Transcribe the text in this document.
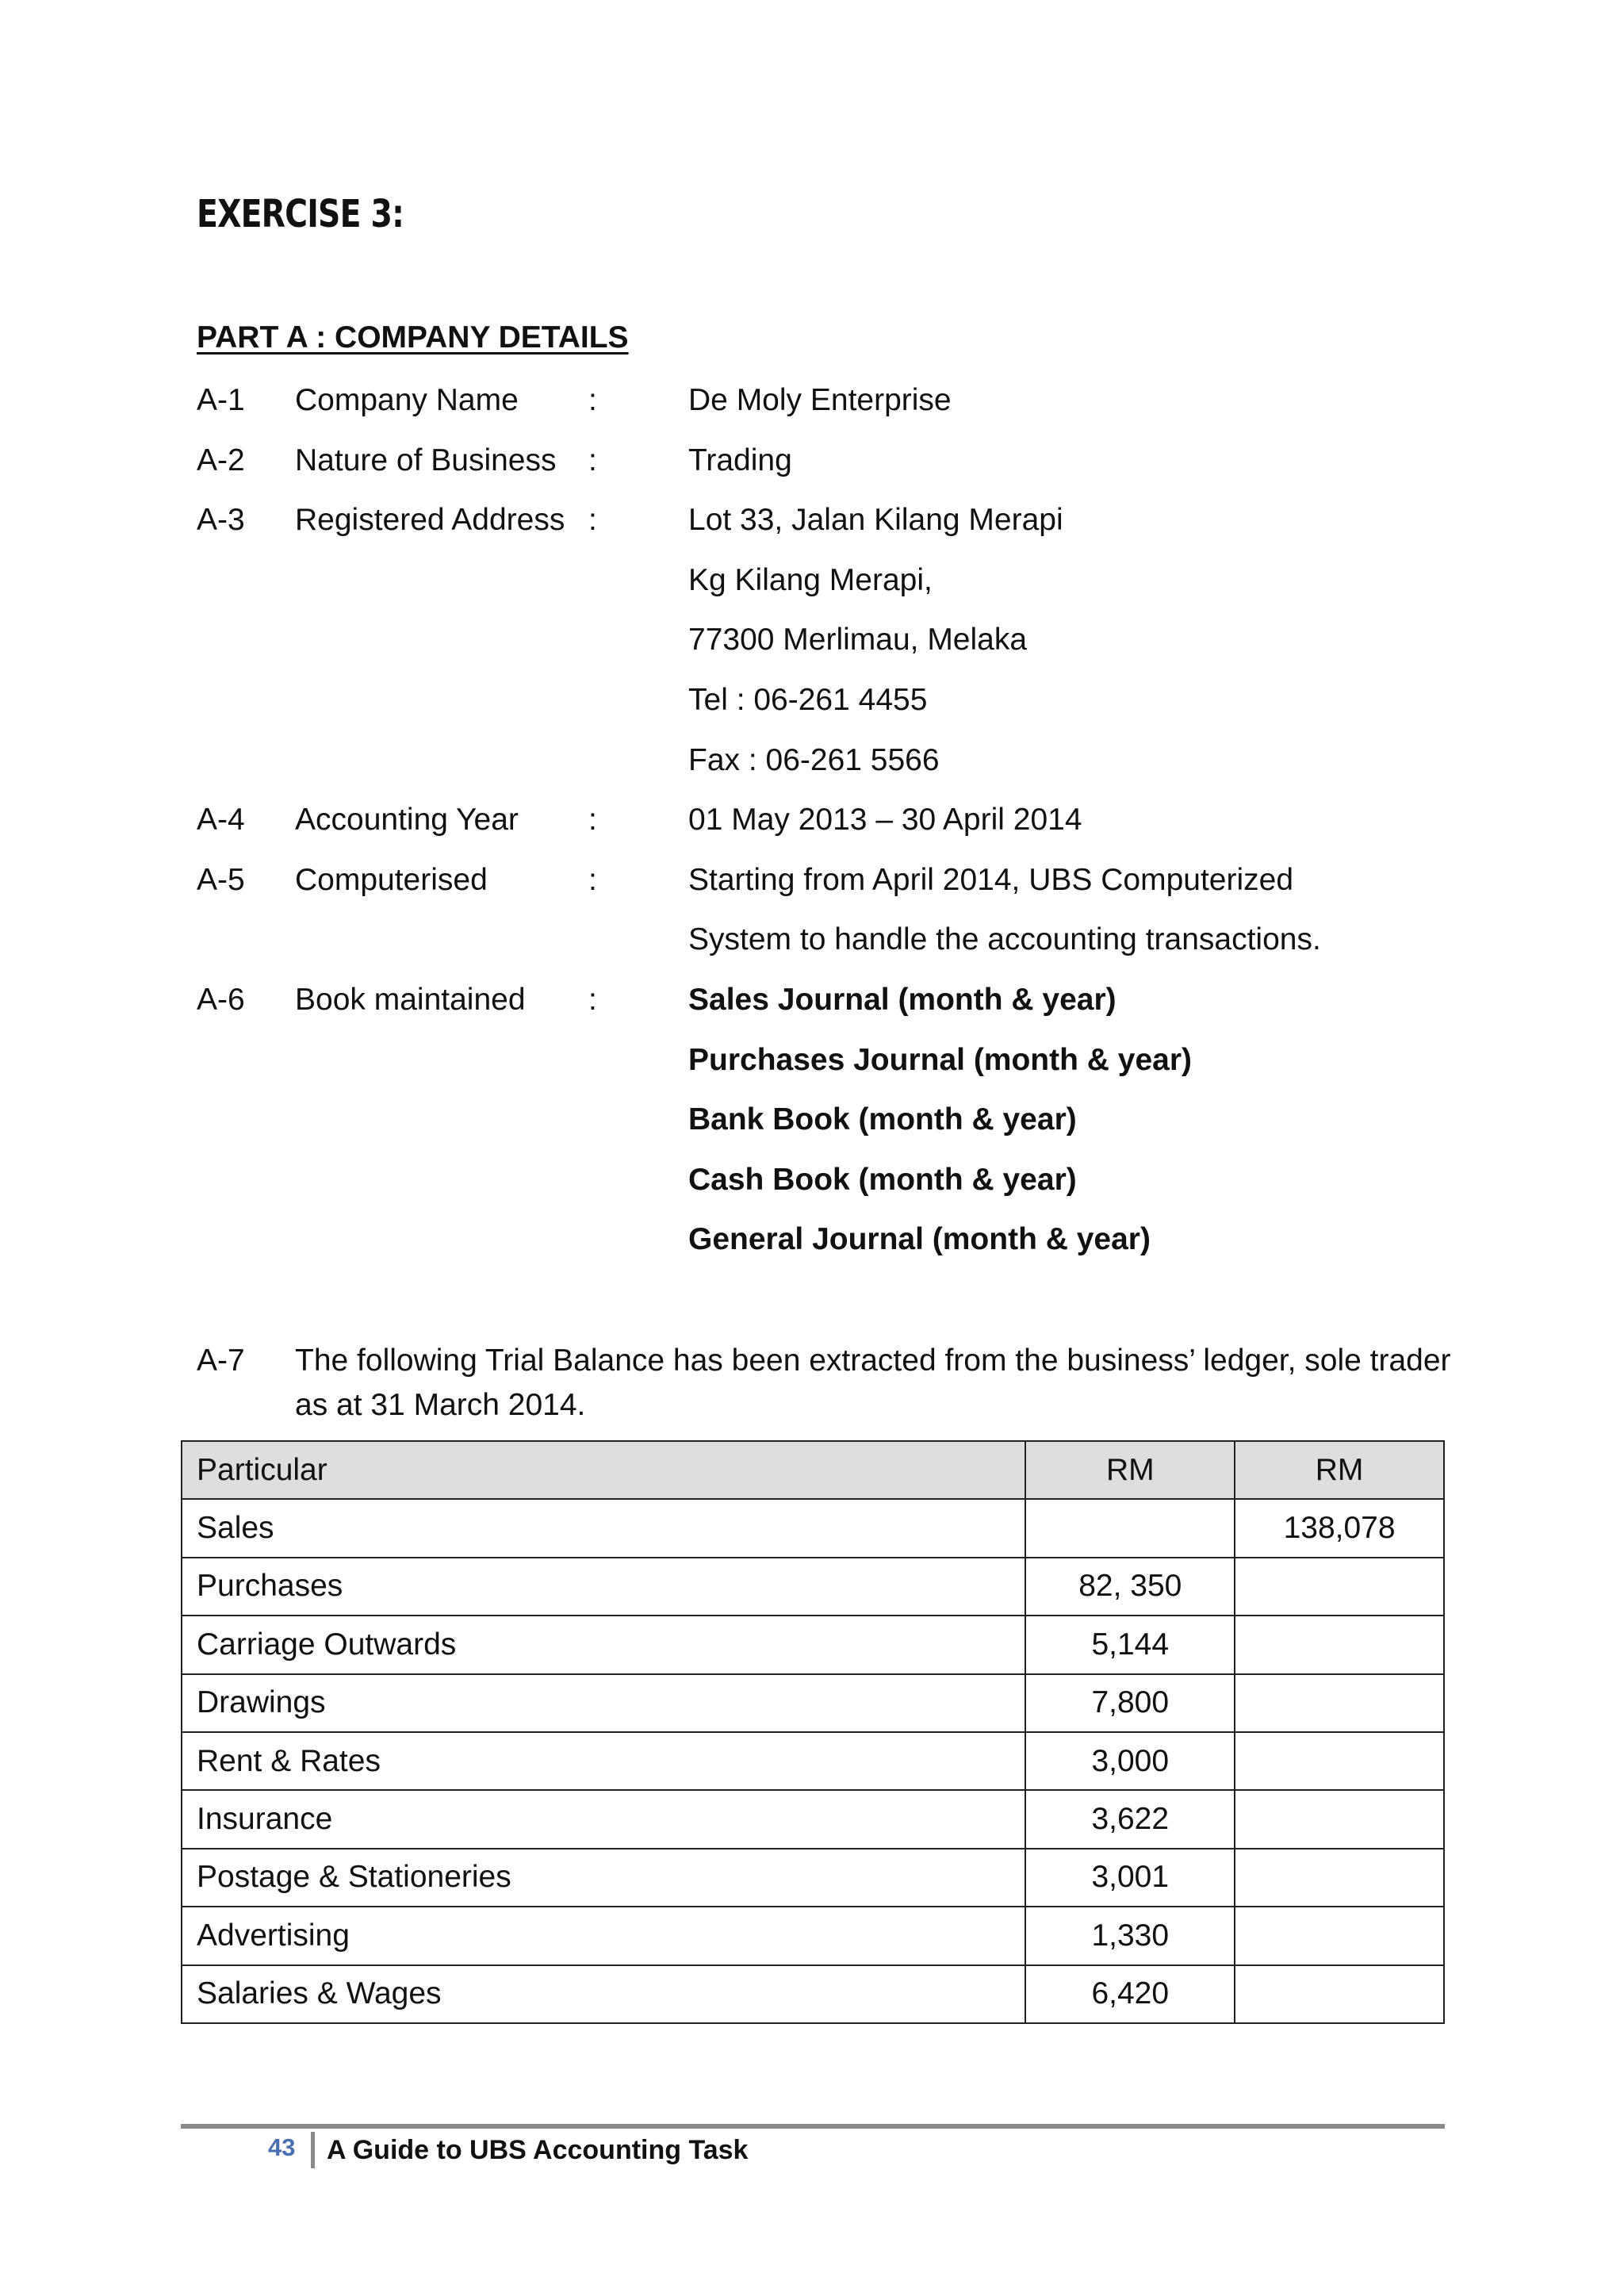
EXERCISE 3:
PART A : COMPANY DETAILS
A-1 Company Name :	De Moly Enterprise
A-2 Nature of Business :	Trading
A-3 Registered Address :	Lot 33, Jalan Kilang Merapi
Kg Kilang Merapi,
77300 Merlimau, Melaka
Tel : 06-261 4455
Fax : 06-261 5566
A-4 Accounting Year :	01 May 2013 – 30 April 2014
A-5 Computerised	:	Starting from April 2014, UBS Computerized
System to handle the accounting transactions.
A-6 Book maintained :	Sales Journal (month & year)
Purchases Journal (month & year)
Bank Book (month & year)
Cash Book (month & year)
General Journal (month & year)
A-7 The following Trial Balance has been extracted from the business’ ledger, sole trader as at 31 March 2014.
Particular	RM	RM
Sales		138,078
Purchases	82, 350	
Carriage Outwards	5,144	
Drawings	7,800	
Rent & Rates	3,000	
Insurance	3,622	
Postage & Stationeries	3,001	
Advertising	1,330	
Salaries & Wages	6,420	
43 A Guide to UBS Accounting Task
